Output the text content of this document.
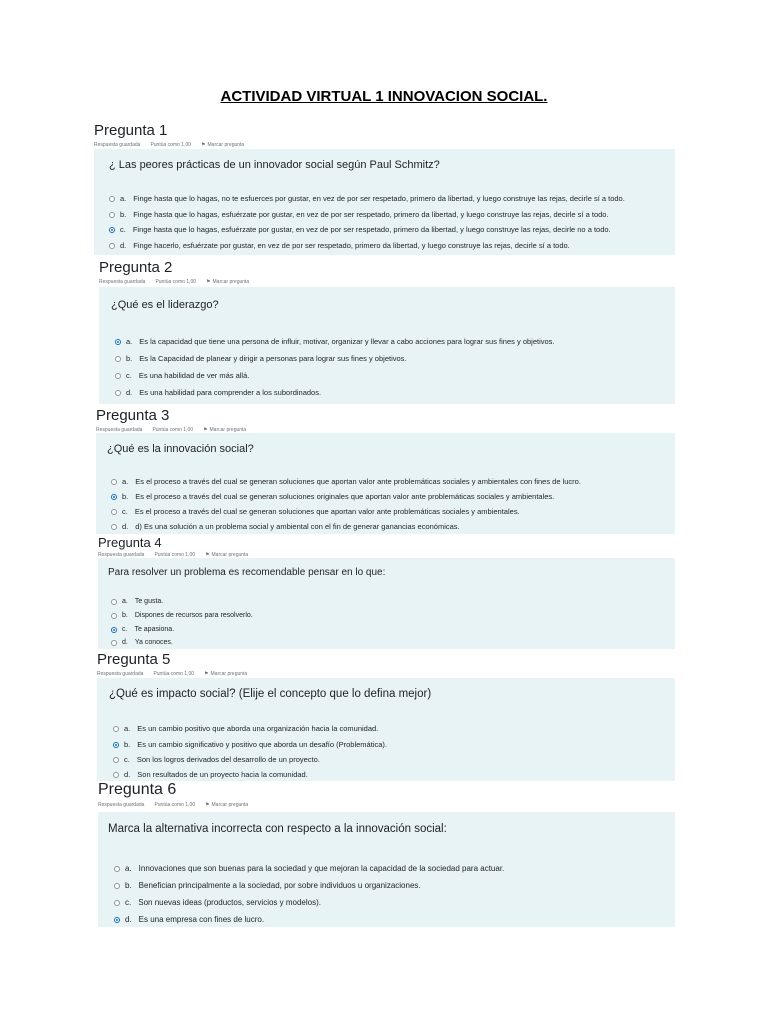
ACTIVIDAD VIRTUAL 1 INNOVACION SOCIAL.
Pregunta 1
Respuesta guardada Puntúa como 1,00 ⚑ Marcar pregunta
¿ Las peores prácticas de un innovador social según Paul Schmitz?
a. Finge hasta que lo hagas, no te esfuerces por gustar, en vez de por ser respetado, primero da libertad, y luego construye las rejas, decirle sí a todo.
b. Finge hasta que lo hagas, esfuérzate por gustar, en vez de por ser respetado, primero da libertad, y luego construye las rejas, decirle sí a todo.
c. Finge hasta que lo hagas, esfuérzate por gustar, en vez de por ser respetado, primero da libertad, y luego construye las rejas, decirle no a todo.
d. Finge hacerlo, esfuérzate por gustar, en vez de por ser respetado, primero da libertad, y luego construye las rejas, decirle sí a todo.
Pregunta 2
Respuesta guardada Puntúa como 1,00 ⚑ Marcar pregunta
¿Qué es el liderazgo?
a. Es la capacidad que tiene una persona de influir, motivar, organizar y llevar a cabo acciones para lograr sus fines y objetivos.
b. Es la Capacidad de planear y dirigir a personas para lograr sus fines y objetivos.
c. Es una habilidad de ver más allá.
d. Es una habilidad para comprender a los subordinados.
Pregunta 3
Respuesta guardada Puntúa como 1,00 ⚑ Marcar pregunta
¿Qué es la innovación social?
a. Es el proceso a través del cual se generan soluciones que aportan valor ante problemáticas sociales y ambientales con fines de lucro.
b. Es el proceso a través del cual se generan soluciones originales que aportan valor ante problemáticas sociales y ambientales.
c. Es el proceso a través del cual se generan soluciones que aportan valor ante problemáticas sociales y ambientales.
d. d) Es una solución a un problema social y ambiental con el fin de generar ganancias económicas.
Pregunta 4
Respuesta guardada Puntúa como 1,00 ⚑ Marcar pregunta
Para resolver un problema es recomendable pensar en lo que:
a. Te gusta.
b. Dispones de recursos para resolverlo.
c. Te apasiona.
d. Ya conoces.
Pregunta 5
Respuesta guardada Puntúa como 1,00 ⚑ Marcar pregunta
¿Qué es impacto social? (Elije el concepto que lo defina mejor)
a. Es un cambio positivo que aborda una organización hacia la comunidad.
b. Es un cambio significativo y positivo que aborda un desafío (Problemática).
c. Son los logros derivados del desarrollo de un proyecto.
d. Son resultados de un proyecto hacia la comunidad.
Pregunta 6
Respuesta guardada Puntúa como 1,00 ⚑ Marcar pregunta
Marca la alternativa incorrecta con respecto a la innovación social:
a. Innovaciones que son buenas para la sociedad y que mejoran la capacidad de la sociedad para actuar.
b. Benefician principalmente a la sociedad, por sobre individuos u organizaciones.
c. Son nuevas ideas (productos, servicios y modelos).
d. Es una empresa con fines de lucro.
